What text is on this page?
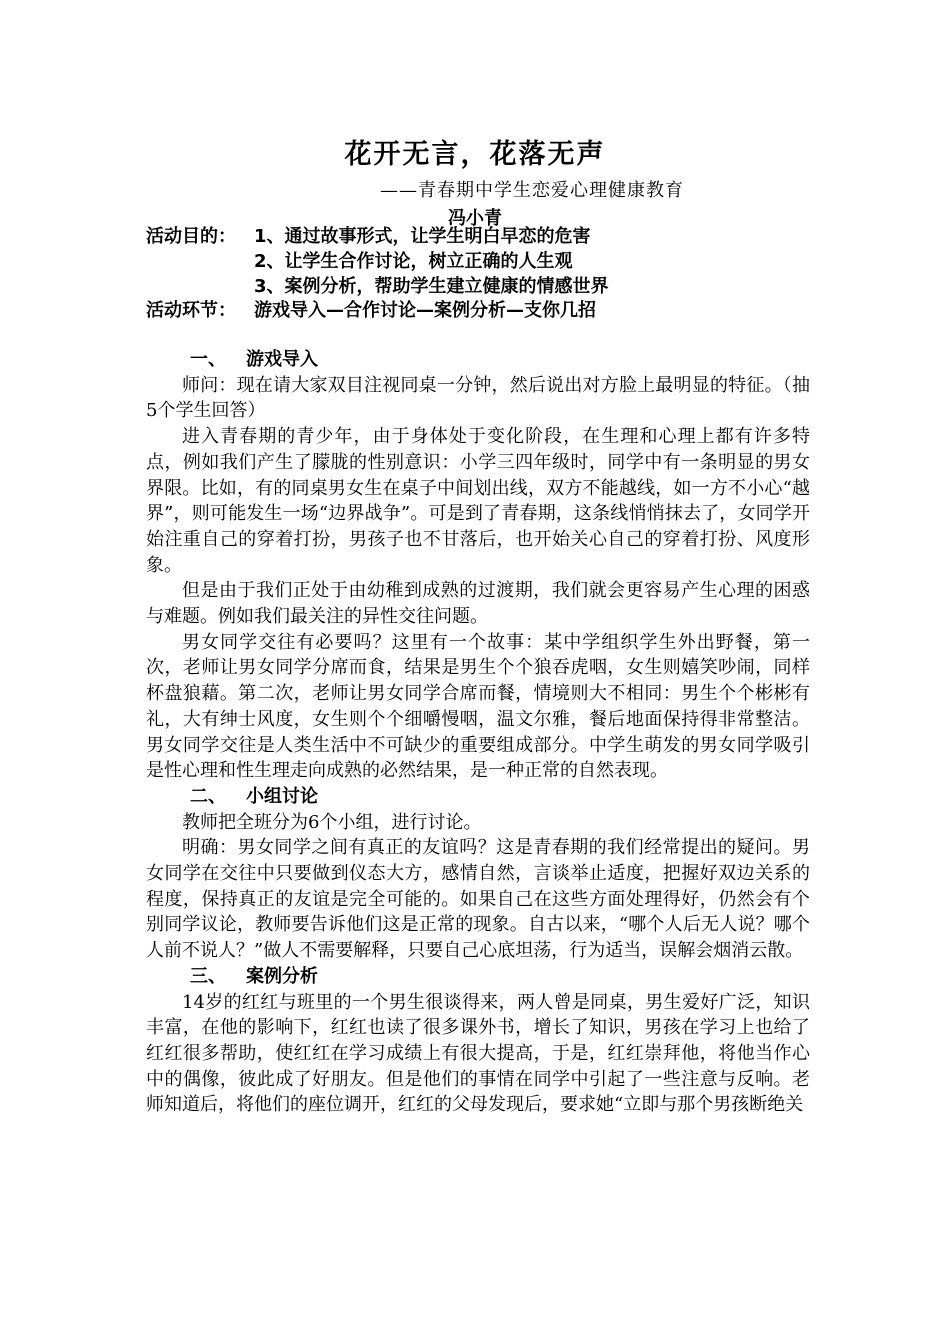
花开无言，花落无声
——青春期中学生恋爱心理健康教育
冯小青
活动目的： 1、通过故事形式，让学生明白早恋的危害
2、让学生合作讨论，树立正确的人生观
3、案例分析，帮助学生建立健康的情感世界
活动环节： 游戏导入—合作讨论—案例分析—支你几招
一、 游戏导入

师问：现在请大家双目注视同桌一分钟，然后说出对方脸上最明显的特征。（抽5个学生回答）

进入青春期的青少年，由于身体处于变化阶段，在生理和心理上都有许多特点，例如我们产生了朦胧的性别意识：小学三四年级时，同学中有一条明显的男女界限。比如，有的同桌男女生在桌子中间划出线，双方不能越线，如一方不小心“越界”，则可能发生一场“边界战争”。可是到了青春期，这条线悄悄抹去了，女同学开始注重自己的穿着打扮，男孩子也不甘落后，也开始关心自己的穿着打扮、风度形象。

但是由于我们正处于由幼稚到成熟的过渡期，我们就会更容易产生心理的困惑与难题。例如我们最关注的异性交往问题。

男女同学交往有必要吗？这里有一个故事：某中学组织学生外出野餐，第一次，老师让男女同学分席而食，结果是男生个个狼吞虎咽，女生则嬉笑吵闹，同样杯盘狼藉。第二次，老师让男女同学合席而餐，情境则大不相同：男生个个彬彬有礼，大有绅士风度，女生则个个细嚼慢咽，温文尔雅，餐后地面保持得非常整洁。男女同学交往是人类生活中不可缺少的重要组成部分。中学生萌发的男女同学吸引是性心理和性生理走向成熟的必然结果，是一种正常的自然表现。

二、 小组讨论

教师把全班分为6个小组，进行讨论。

明确：男女同学之间有真正的友谊吗？这是青春期的我们经常提出的疑问。男女同学在交往中只要做到仪态大方，感情自然，言谈举止适度，把握好双边关系的程度，保持真正的友谊是完全可能的。如果自己在这些方面处理得好，仍然会有个别同学议论，教师要告诉他们这是正常的现象。自古以来，“哪个人后无人说？哪个人前不说人？”做人不需要解释，只要自己心底坦荡，行为适当，误解会烟消云散。

三、 案例分析

14岁的红红与班里的一个男生很谈得来，两人曾是同桌，男生爱好广泛，知识丰富，在他的影响下，红红也读了很多课外书，增长了知识，男孩在学习上也给了红红很多帮助，使红红在学习成绩上有很大提高，于是，红红崇拜他，将他当作心中的偶像，彼此成了好朋友。但是他们的事情在同学中引起了一些注意与反响。老师知道后，将他们的座位调开，红红的父母发现后，要求她“立即与那个男孩断绝关
